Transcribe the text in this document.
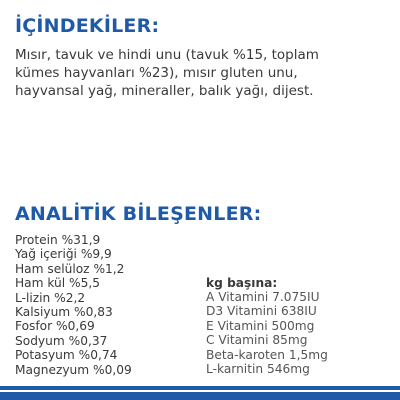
İÇİNDEKİLER:

Mısır, tavuk ve hindi unu (tavuk %15, toplam
kümes hayvanları %23), mısır gluten unu,
hayvansal yağ, mineraller, balık yağı, dijest.

ANALİTİK BİLEŞENLER:
Protein %31,9
Yağ içeriği %9,9
Ham selüloz %1,2
Ham kül %5,5
L-lizin %2,2
Kalsiyum %0,83
Fosfor %0,69
Sodyum %0,37
Potasyum %0,74
Magnezyum %0,09
kg başına:
A Vitamini 7.075IU
D3 Vitamini 638IU
E Vitamini 500mg
C Vitamini 85mg
Beta-karoten 1,5mg
L-karnitin 546mg
